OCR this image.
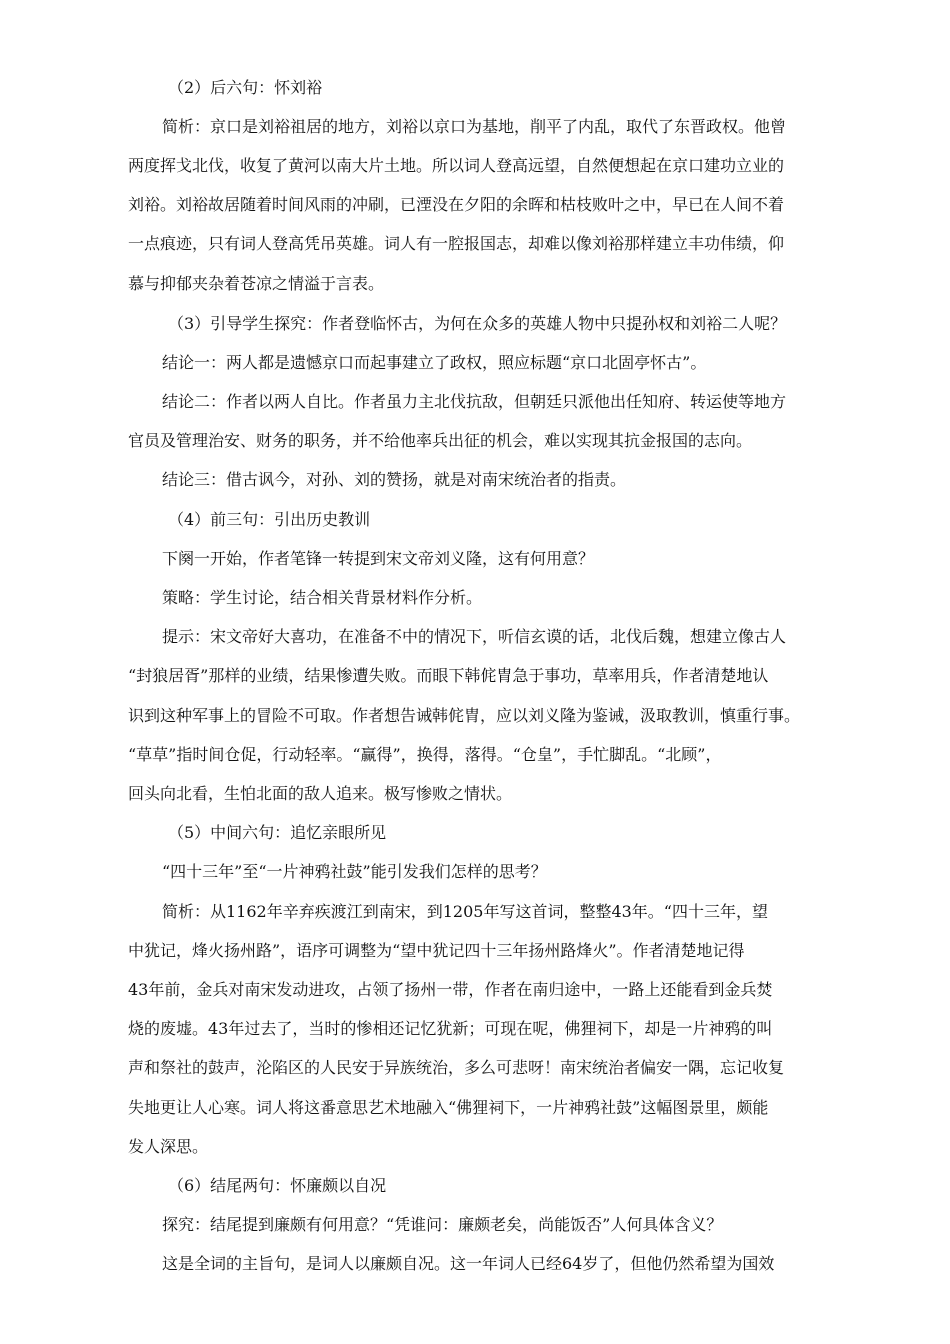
（2）后六句：怀刘裕
简析：京口是刘裕祖居的地方，刘裕以京口为基地，削平了内乱，取代了东晋政权。他曾
两度挥戈北伐，收复了黄河以南大片土地。所以词人登高远望，自然便想起在京口建功立业的
刘裕。刘裕故居随着时间风雨的冲刷，已湮没在夕阳的余晖和枯枝败叶之中，早已在人间不着
一点痕迹，只有词人登高凭吊英雄。词人有一腔报国志，却难以像刘裕那样建立丰功伟绩，仰
慕与抑郁夹杂着苍凉之情溢于言表。
（3）引导学生探究：作者登临怀古，为何在众多的英雄人物中只提孙权和刘裕二人呢？
结论一：两人都是遗憾京口而起事建立了政权，照应标题“京口北固亭怀古”。
结论二：作者以两人自比。作者虽力主北伐抗敌，但朝廷只派他出任知府、转运使等地方
官员及管理治安、财务的职务，并不给他率兵出征的机会，难以实现其抗金报国的志向。
结论三：借古讽今，对孙、刘的赞扬，就是对南宋统治者的指责。
（4）前三句：引出历史教训
下阕一开始，作者笔锋一转提到宋文帝刘义隆，这有何用意？
策略：学生讨论，结合相关背景材料作分析。
提示：宋文帝好大喜功，在准备不中的情况下，听信玄谟的话，北伐后魏，想建立像古人
“封狼居胥”那样的业绩，结果惨遭失败。而眼下韩侂胄急于事功，草率用兵，作者清楚地认
识到这种军事上的冒险不可取。作者想告诫韩侂胄，应以刘义隆为鉴诫，汲取教训，慎重行事。
“草草”指时间仓促，行动轻率。“赢得”，换得，落得。“仓皇”，手忙脚乱。“北顾”，
回头向北看，生怕北面的敌人追来。极写惨败之情状。
（5）中间六句：追忆亲眼所见
“四十三年”至“一片神鸦社鼓”能引发我们怎样的思考？
简析：从1162年辛弃疾渡江到南宋，到1205年写这首词，整整43年。“四十三年，望
中犹记，烽火扬州路”，语序可调整为“望中犹记四十三年扬州路烽火”。作者清楚地记得
43年前，金兵对南宋发动进攻，占领了扬州一带，作者在南归途中，一路上还能看到金兵焚
烧的废墟。43年过去了，当时的惨相还记忆犹新；可现在呢，佛狸祠下，却是一片神鸦的叫
声和祭社的鼓声，沦陷区的人民安于异族统治，多么可悲呀！南宋统治者偏安一隅，忘记收复
失地更让人心寒。词人将这番意思艺术地融入“佛狸祠下，一片神鸦社鼓”这幅图景里，颇能
发人深思。
（6）结尾两句：怀廉颇以自况
探究：结尾提到廉颇有何用意？“凭谁问：廉颇老矣，尚能饭否”人何具体含义？
这是全词的主旨句，是词人以廉颇自况。这一年词人已经64岁了，但他仍然希望为国效
